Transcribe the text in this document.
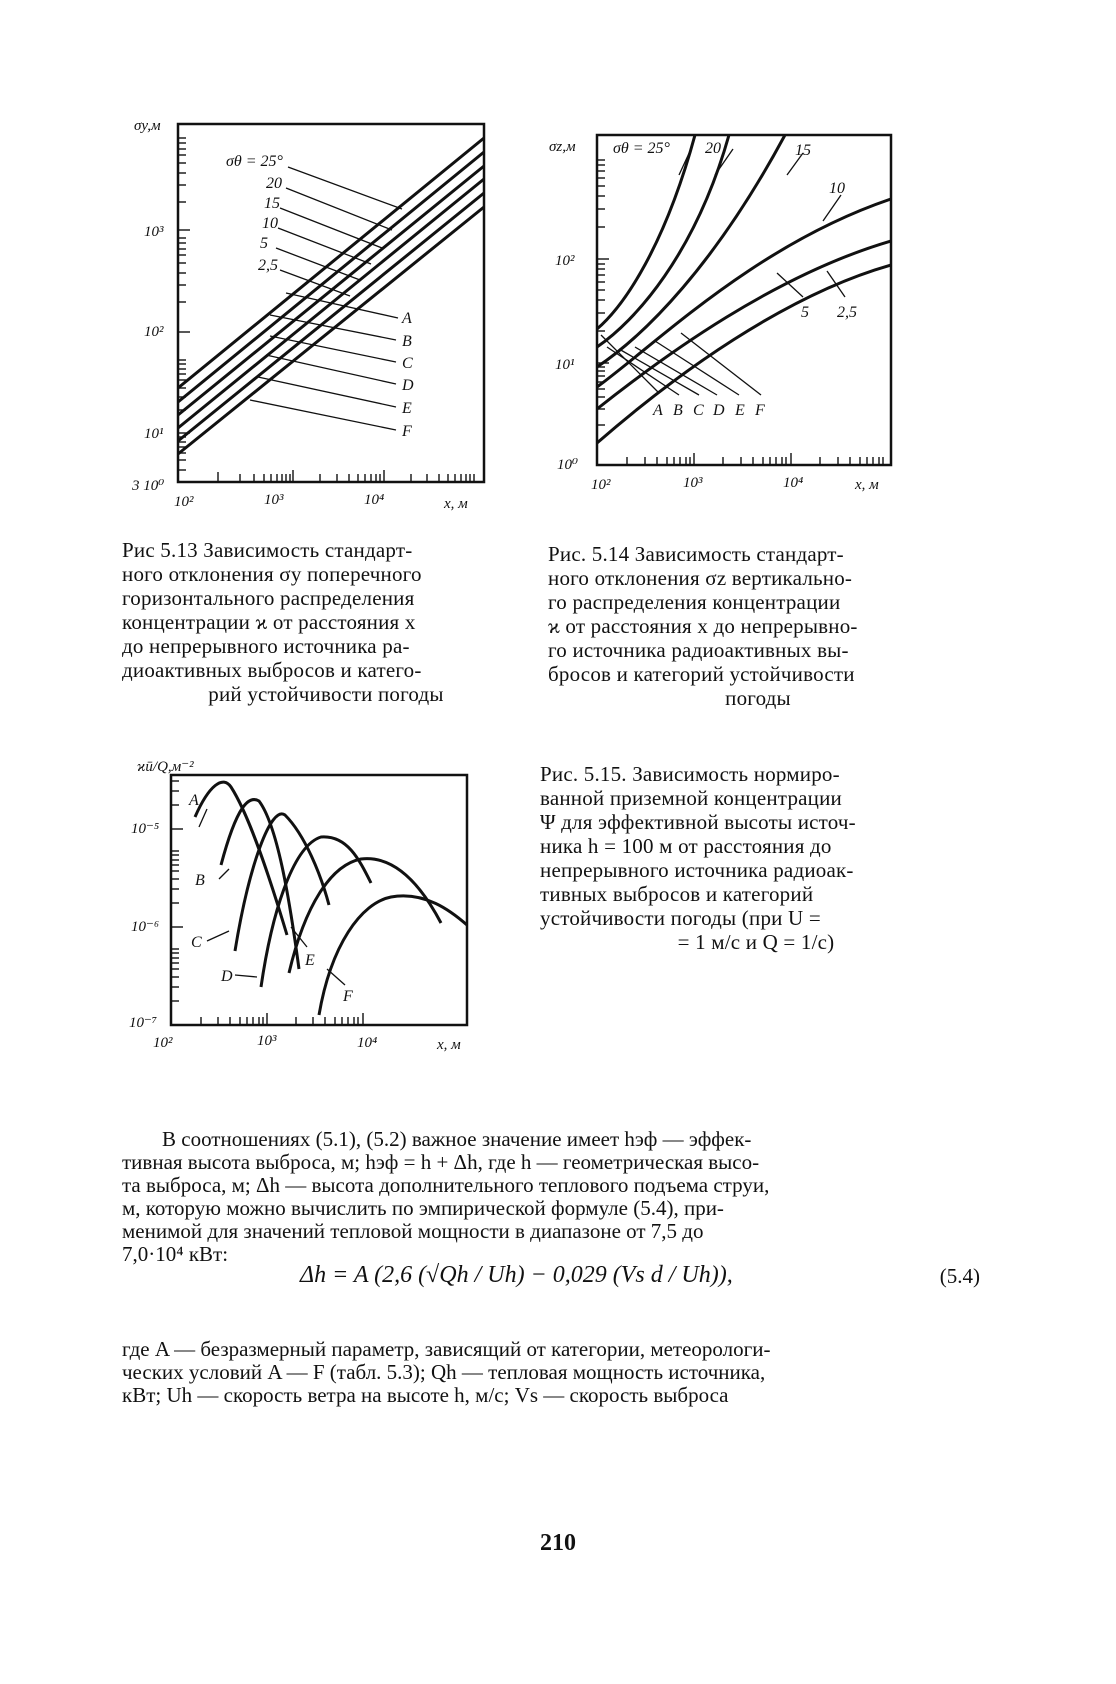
σy,м
x, м
3 10⁰
10¹
10²
10³
10²	10³	10⁴
σθ = 25°
20
15
10
5
2,5
A
B
C
D
E
F
σz,м
x, м
10⁰
10¹
10²
10²	10³	10⁴
σθ = 25° 20	15
10
5 2,5
A B C D E F
Рис 5.13 Зависимость стандарт-
ного отклонения σy поперечного
горизонтального распределения
концентрации ϰ от расстояния x
до непрерывного источника ра-
диоактивных выбросов и катего-
рий устойчивости погоды
Рис. 5.14 Зависимость стандарт-
ного отклонения σz вертикально-
го распределения концентрации
ϰ от расстояния x до непрерывно-
го источника радиоактивных вы-
бросов и категорий устойчивости
погоды
ϰū/Q,м⁻²
x, м
10⁻⁷
10⁻⁶
10⁻⁵
10²	10³	10⁴
A
B
C
D
E
F
Рис. 5.15. Зависимость нормиро-
ванной приземной концентрации
Ψ для эффективной высоты источ-
ника h = 100 м от расстояния до
непрерывного источника радиоак-
тивных выбросов и категорий
устойчивости погоды (при U =
= 1 м/с и Q = 1/с)
В соотношениях (5.1), (5.2) важное значение имеет hэф — эффек-
тивная высота выброса, м; hэф = h + Δh, где h — геометрическая высо-
та выброса, м; Δh — высота дополнительного теплового подъема струи,
м, которую можно вычислить по эмпирической формуле (5.4), при-
менимой для значений тепловой мощности в диапазоне от 7,5 до
7,0·10⁴ кВт:
Δh = A (2,6 (√Qh / Uh) − 0,029 (Vs d / Uh)),	(5.4)
где A — безразмерный параметр, зависящий от категории, метеорологи-
ческих условий A — F (табл. 5.3); Qh — тепловая мощность источника,
кВт; Uh — скорость ветра на высоте h, м/с; Vs — скорость выброса
210
